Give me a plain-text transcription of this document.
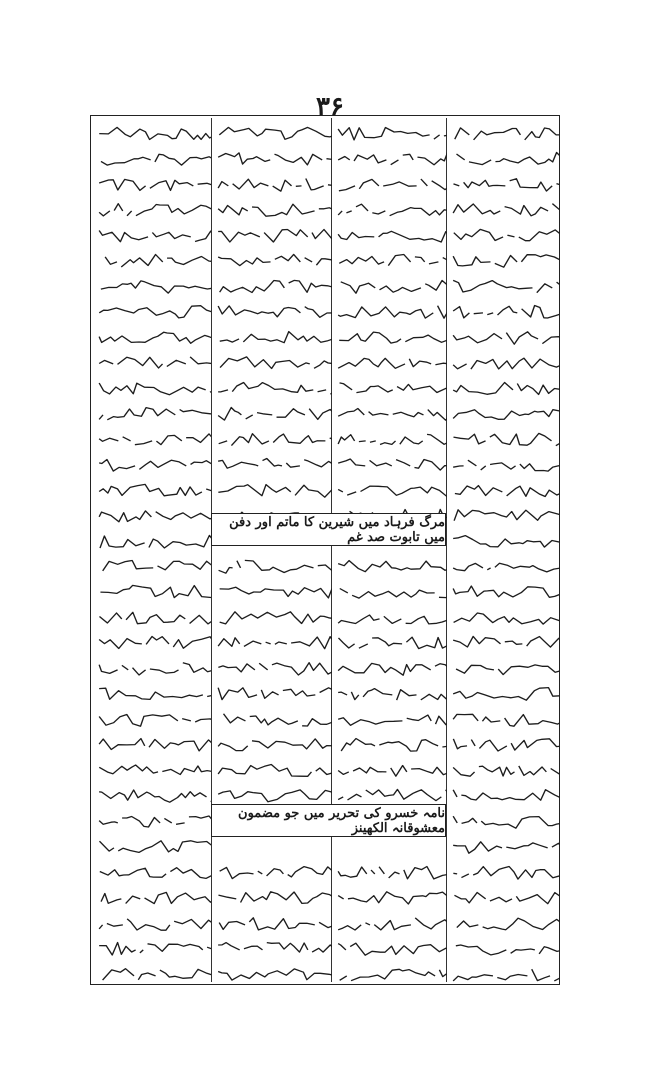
۳۶
مرگ فرہاد میں شیرین کا ماتم اور دفن میں تابوت صد غم
نامہ خسرو کی تحریر میں جو مضمون معشوقانہ الکھینز
